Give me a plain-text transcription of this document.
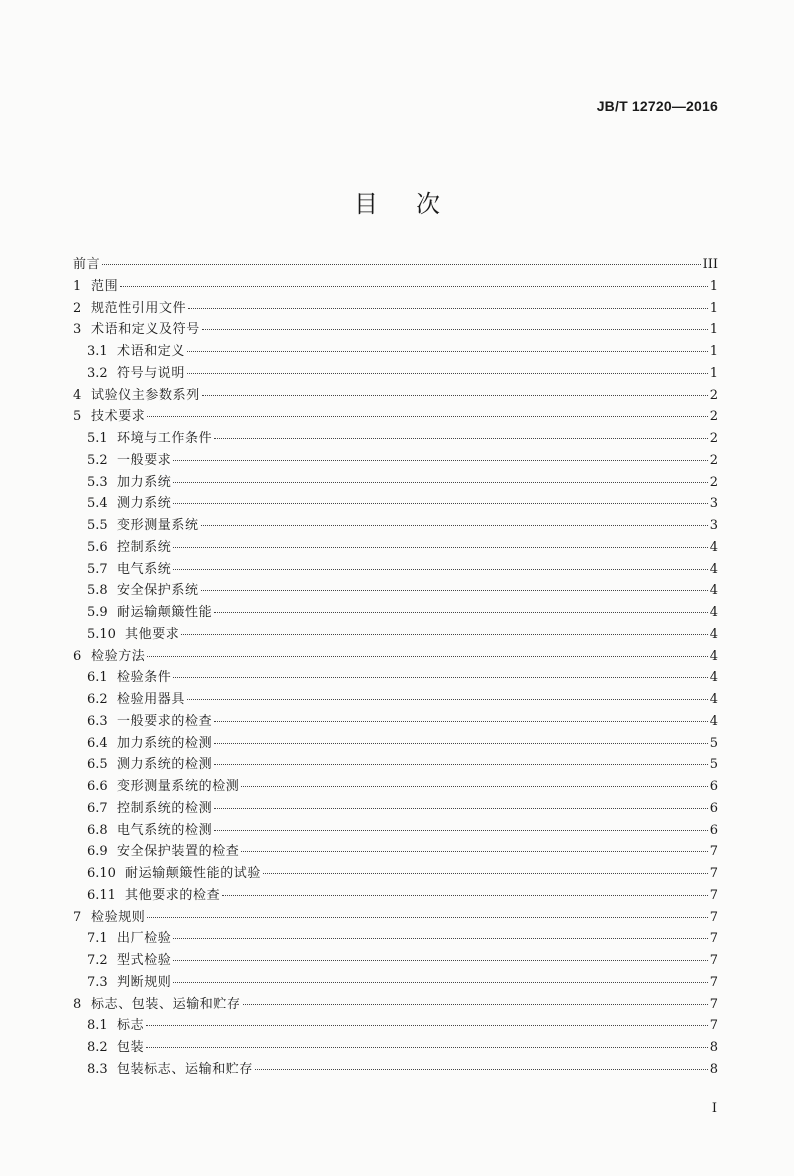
JB/T 12720—2016
目次
前言	III
1 范围	1
2 规范性引用文件	1
3 术语和定义及符号	1
3.1 术语和定义	1
3.2 符号与说明	1
4 试验仪主参数系列	2
5 技术要求	2
5.1 环境与工作条件	2
5.2 一般要求	2
5.3 加力系统	2
5.4 测力系统	3
5.5 变形测量系统	3
5.6 控制系统	4
5.7 电气系统	4
5.8 安全保护系统	4
5.9 耐运输颠簸性能	4
5.10 其他要求	4
6 检验方法	4
6.1 检验条件	4
6.2 检验用器具	4
6.3 一般要求的检查	4
6.4 加力系统的检测	5
6.5 测力系统的检测	5
6.6 变形测量系统的检测	6
6.7 控制系统的检测	6
6.8 电气系统的检测	6
6.9 安全保护装置的检查	7
6.10 耐运输颠簸性能的试验	7
6.11 其他要求的检查	7
7 检验规则	7
7.1 出厂检验	7
7.2 型式检验	7
7.3 判断规则	7
8 标志、包装、运输和贮存	7
8.1 标志	7
8.2 包装	8
8.3 包装标志、运输和贮存	8
I
